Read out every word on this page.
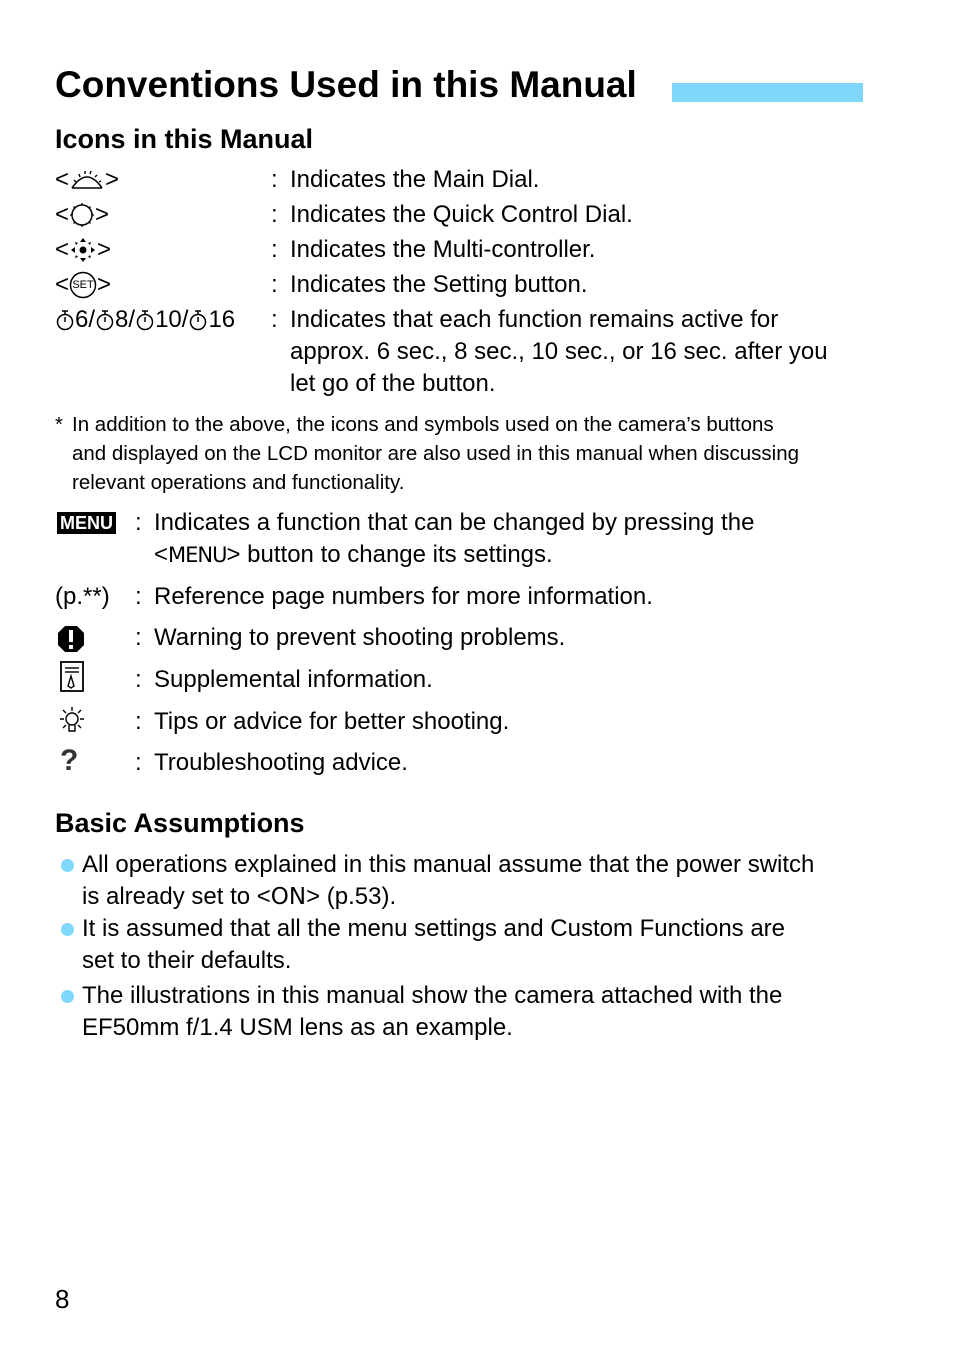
Conventions Used in this Manual
Icons in this Manual
< >	: Indicates the Main Dial.
< >	: Indicates the Quick Control Dial.
< >	: Indicates the Multi-controller.
< SET >	: Indicates the Setting button.
6 / 8 / 10 / 16 : Indicates that each function remains active for
approx. 6 sec., 8 sec., 10 sec., or 16 sec. after you
let go of the button.
* In addition to the above, the icons and symbols used on the camera’s buttons
and displayed on the LCD monitor are also used in this manual when discussing
relevant operations and functionality.
MENU : Indicates a function that can be changed by pressing the
<MENU> button to change its settings.
(p.**) : Reference page numbers for more information.
: Warning to prevent shooting problems.
: Supplemental information.
: Tips or advice for better shooting.
? : Troubleshooting advice.
Basic Assumptions
All operations explained in this manual assume that the power switch
is already set to <ON> (p.53).
It is assumed that all the menu settings and Custom Functions are
set to their defaults.
The illustrations in this manual show the camera attached with the
EF50mm f/1.4 USM lens as an example.
8
